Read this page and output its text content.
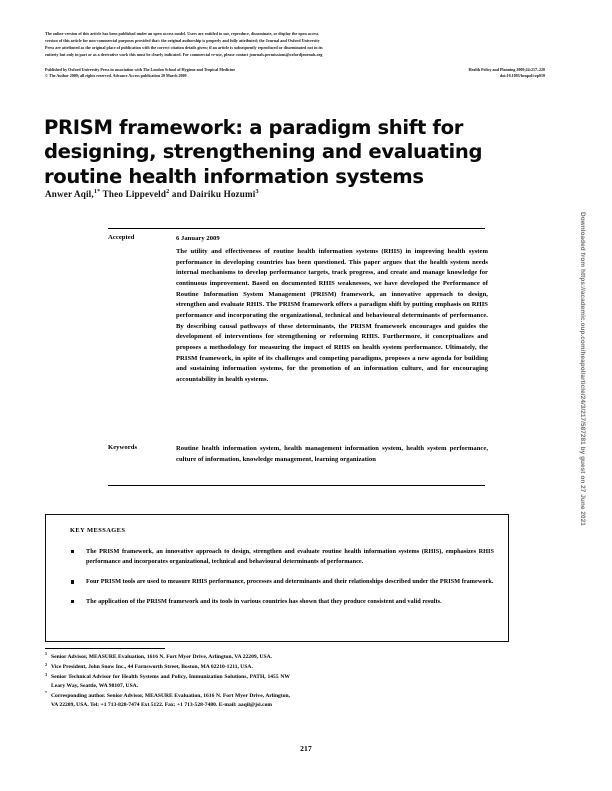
The online version of this article has been published under an open access model. Users are entitled to use, reproduce, disseminate, or display the open access
version of this article for non-commercial purposes provided that: the original authorship is properly and fully attributed; the Journal and Oxford University
Press are attributed as the original place of publication with the correct citation details given; if an article is subsequently reproduced or disseminated not in its
entirety but only in part or as a derivative work this must be clearly indicated. For commercial re-use, please contact journals.permissions@oxfordjournals.org
Published by Oxford University Press in association with The London School of Hygiene and Tropical Medicine	Health Policy and Planning 2009;24:217–228
© The Author 2009; all rights reserved. Advance Access publication 20 March 2009	doi:10.1093/heapol/czp010
PRISM framework: a paradigm shift for designing, strengthening and evaluating routine health information systems
Anwer Aqil,$^{1*}$ Theo Lippeveld$^2$ and Dairiku Hozumi$^3$
Accepted	6 January 2009
The utility and effectiveness of routine health information systems (RHIS) in improving health system performance in developing countries has been questioned. This paper argues that the health system needs internal mechanisms to develop performance targets, track progress, and create and manage knowledge for continuous improvement. Based on documented RHIS weaknesses, we have developed the Performance of Routine Information System Management (PRISM) framework, an innovative approach to design, strengthen and evaluate RHIS. The PRISM framework offers a paradigm shift by putting emphasis on RHIS performance and incorporating the organizational, technical and behavioural determinants of performance. By describing causal pathways of these determinants, the PRISM framework encourages and guides the development of interventions for strengthening or reforming RHIS. Furthermore, it conceptualizes and proposes a methodology for measuring the impact of RHIS on health system performance. Ultimately, the PRISM framework, in spite of its challenges and competing paradigms, proposes a new agenda for building and sustaining information systems, for the promotion of an information culture, and for encouraging accountability in health systems.
Keywords	Routine health information system, health management information system, health system performance, culture of information, knowledge management, learning organization
KEY MESSAGES
The PRISM framework, an innovative approach to design, strengthen and evaluate routine health information systems (RHIS), emphasizes RHIS performance and incorporates organizational, technical and behavioural determinants of performance.
Four PRISM tools are used to measure RHIS performance, processes and determinants and their relationships described under the PRISM framework.
The application of the PRISM framework and its tools in various countries has shown that they produce consistent and valid results.
1
Senior Advisor, MEASURE Evaluation, 1616 N. Fort Myer Drive, Arlington, VA 22209, USA.
2
Vice President, John Snow Inc., 44 Farnsworth Street, Boston, MA 02210-1211, USA.
3
Senior Technical Advisor for Health Systems and Policy, Immunization Solutions, PATH, 1455 NW Leary Way, Seattle, WA 98107, USA.
*
Corresponding author. Senior Advisor, MEASURE Evaluation, 1616 N. Fort Myer Drive, Arlington, VA 22209, USA. Tel: +1 713-828-7474 Ext 5122. Fax: +1 713-528-7480. E-mail: aaqil@jsi.com
217
Downloaded from https://academic.oup.com/heapol/article/24/3/217/587281 by guest on 27 June 2021
